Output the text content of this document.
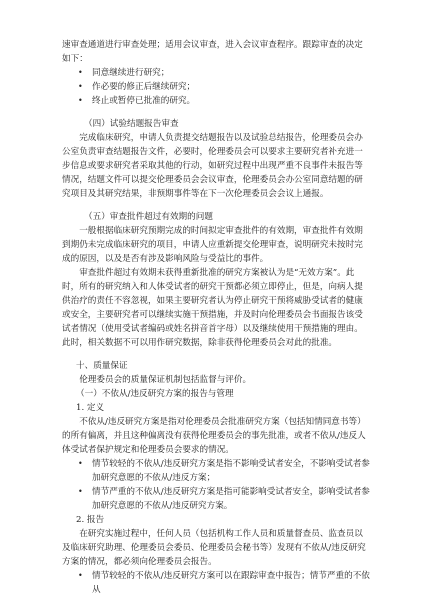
速审查通道进行审查处理；适用会议审查，进入会议审查程序。跟踪审查的决定如下：

• 同意继续进行研究；
• 作必要的修正后继续研究；
• 终止或暂停已批准的研究。

（四）试验结题报告审查

完成临床研究，申请人负责提交结题报告以及试验总结报告，伦理委员会办公室负责审查结题报告文件，必要时，伦理委员会可以要求主要研究者补充进一步信息或要求研究者采取其他的行动，如研究过程中出现严重不良事件未报告等情况，结题文件可以提交伦理委员会会议审查，伦理委员会办公室同意结题的研究项目及其研究结果，非预期事件等在下一次伦理委员会会议上通报。

（五）审查批件超过有效期的问题

一般根据临床研究预期完成的时间拟定审查批件的有效期，审查批件有效期到期仍未完成临床研究的项目，申请人应重新提交伦理审查，说明研究未按时完成的原因，以及是否有涉及影响风险与受益比的事件。

审查批件超过有效期未获得重新批准的研究方案被认为是“无效方案”。此时，所有的研究纳入和人体受试者的研究干预都必须立即停止，但是，向病人提供治疗的责任不容忽视，如果主要研究者认为停止研究干预将威胁受试者的健康或安全，主要研究者可以继续实施干预措施，并及时向伦理委员会书面报告该受试者情况（使用受试者编码或姓名拼音首字母）以及继续使用干预措施的理由。此时，相关数据不可以用作研究数据，除非获得伦理委员会对此的批准。

十、质量保证

伦理委员会的质量保证机制包括监督与评价。

（一）不依从/违反研究方案的报告与管理

1. 定义

不依从/违反研究方案是指对伦理委员会批准研究方案（包括知情同意书等）的所有偏离，并且这种偏离没有获得伦理委员会的事先批准，或者不依从/违反人体受试者保护规定和伦理委员会要求的情况。

• 情节较轻的不依从/违反研究方案是指不影响受试者安全，不影响受试者参加研究意愿的不依从/违反方案；
• 情节严重的不依从/违反研究方案是指可能影响受试者安全，影响受试者参加研究意愿的不依从/违反研究方案。

2. 报告

在研究实施过程中，任何人员（包括机构工作人员和质量督查员、监查员以及临床研究助理、伦理委员会委员、伦理委员会秘书等）发现有不依从/违反研究方案的情况，都必须向伦理委员会报告。

• 情节较轻的不依从/违反研究方案可以在跟踪审查中报告；情节严重的不依从
